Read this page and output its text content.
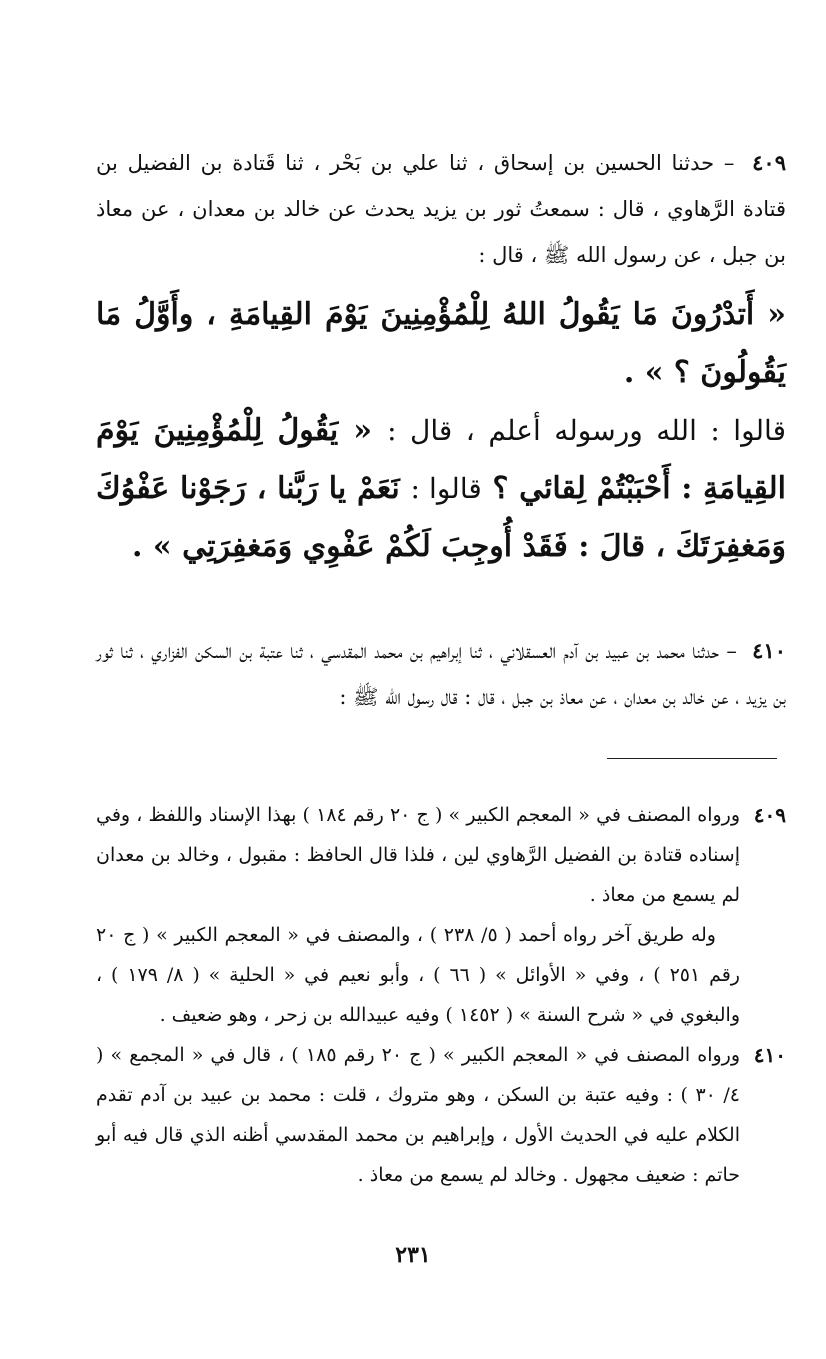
٤٠٩ – حدثنا الحسين بن إسحاق ، ثنا علي بن بَحْر ، ثنا قَتادة بن الفضيل بن قتادة الرَّهاوي ، قال : سمعتُ ثور بن يزيد يحدث عن خالد بن معدان ، عن معاذ بن جبل ، عن رسول الله ﷺ ، قال :
« أَتدْرُونَ مَا يَقُولُ اللهُ لِلْمُؤْمِنِينَ يَوْمَ القِيامَةِ ، وأَوَّلُ مَا يَقُولُونَ ؟ » .
قالوا : الله ورسوله أعلم ، قال : « يَقُولُ لِلْمُؤْمِنِينَ يَوْمَ القِيامَةِ : أَحْبَبْتُمْ لِقائي ؟ قالوا : نَعَمْ يا رَبَّنا ، رَجَوْنا عَفْوُكَ وَمَغفِرَتَكَ ، قالَ : فَقَدْ أُوجِبَ لَكُمْ عَفْوِي وَمَغفِرَتِي » .
٤١٠ – حدثنا محمد بن عبيد بن آدم العسقلاني ، ثنا إبراهيم بن محمد المقدسي ، ثنا عتبة بن السكن الفزاري ، ثنا ثور بن يزيد ، عن خالد بن معدان ، عن معاذ بن جبل ، قال : قال رسول الله ﷺ :
٤٠٩

ورواه المصنف في « المعجم الكبير » ( ج ٢٠ رقم ١٨٤ ) بهذا الإسناد واللفظ ، وفي إسناده قتادة بن الفضيل الرَّهاوي لين ، فلذا قال الحافظ : مقبول ، وخالد بن معدان لم يسمع من معاذ .

وله طريق آخر رواه أحمد ( ٥/ ٢٣٨ ) ، والمصنف في « المعجم الكبير » ( ج ٢٠ رقم ٢٥١ ) ، وفي « الأوائل » ( ٦٦ ) ، وأبو نعيم في « الحلية » ( ٨/ ١٧٩ ) ، والبغوي في « شرح السنة » ( ١٤٥٢ ) وفيه عبيدالله بن زحر ، وهو ضعيف .

٤١٠

ورواه المصنف في « المعجم الكبير » ( ج ٢٠ رقم ١٨٥ ) ، قال في « المجمع » ( ٤/ ٣٠ ) : وفيه عتبة بن السكن ، وهو متروك ، قلت : محمد بن عبيد بن آدم تقدم الكلام عليه في الحديث الأول ، وإبراهيم بن محمد المقدسي أظنه الذي قال فيه أبو حاتم : ضعيف مجهول . وخالد لم يسمع من معاذ .

٢٣١
